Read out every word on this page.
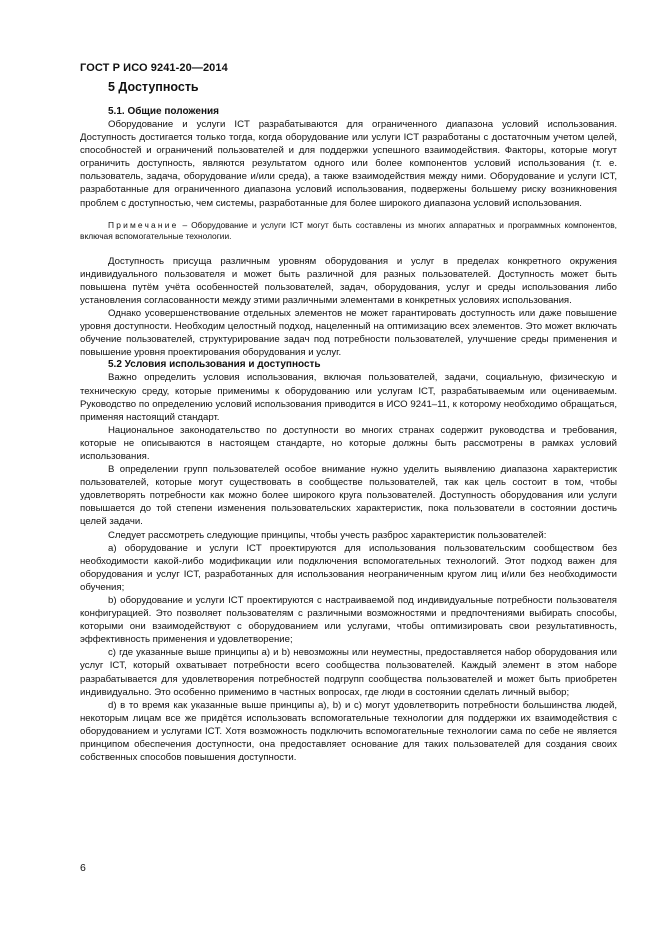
ГОСТ Р ИСО 9241-20—2014
5 Доступность
5.1. Общие положения

Оборудование и услуги ICT разрабатываются для ограниченного диапазона условий использования. Доступность достигается только тогда, когда оборудование или услуги ICT разработаны с достаточным учетом целей, способностей и ограничений пользователей и для поддержки успешного взаимодействия. Факторы, которые могут ограничить доступность, являются результатом одного или более компонентов условий использования (т. е. пользователь, задача, оборудование и/или среда), а также взаимодействия между ними. Оборудование и услуги ICT, разработанные для ограниченного диапазона условий использования, подвержены большему риску возникновения проблем с доступностью, чем системы, разработанные для более широкого диапазона условий использования.

Примечание – Оборудование и услуги ICT могут быть составлены из многих аппаратных и программных компонентов, включая вспомогательные технологии.

Доступность присуща различным уровням оборудования и услуг в пределах конкретного окружения индивидуального пользователя и может быть различной для разных пользователей. Доступность может быть повышена путём учёта особенностей пользователей, задач, оборудования, услуг и среды использования либо установления согласованности между этими различными элементами в конкретных условиях использования.

Однако усовершенствование отдельных элементов не может гарантировать доступность или даже повышение уровня доступности. Необходим целостный подход, нацеленный на оптимизацию всех элементов. Это может включать обучение пользователей, структурирование задач под потребности пользователей, улучшение среды применения и повышение уровня проектирования оборудования и услуг.

5.2 Условия использования и доступность

Важно определить условия использования, включая пользователей, задачи, социальную, физическую и техническую среду, которые применимы к оборудованию или услугам ICT, разрабатываемым или оцениваемым. Руководство по определению условий использования приводится в ИСО 9241–11, к которому необходимо обращаться, применяя настоящий стандарт.

Национальное законодательство по доступности во многих странах содержит руководства и требования, которые не описываются в настоящем стандарте, но которые должны быть рассмотрены в рамках условий использования.

В определении групп пользователей особое внимание нужно уделить выявлению диапазона характеристик пользователей, которые могут существовать в сообществе пользователей, так как цель состоит в том, чтобы удовлетворять потребности как можно более широкого круга пользователей. Доступность оборудования или услуги повышается до той степени изменения пользовательских характеристик, пока пользователи в состоянии достичь целей задачи.

Следует рассмотреть следующие принципы, чтобы учесть разброс характеристик пользователей:

а) оборудование и услуги ICT проектируются для использования пользовательским сообществом без необходимости какой-либо модификации или подключения вспомогательных технологий. Этот подход важен для оборудования и услуг ICT, разработанных для использования неограниченным кругом лиц и/или без необходимости обучения;

b) оборудование и услуги ICT проектируются с настраиваемой под индивидуальные потребности пользователя конфигурацией. Это позволяет пользователям с различными возможностями и предпочтениями выбирать способы, которыми они взаимодействуют с оборудованием или услугами, чтобы оптимизировать свои результативность, эффективность применения и удовлетворение;

c) где указанные выше принципы а) и b) невозможны или неуместны, предоставляется набор оборудования или услуг ICT, который охватывает потребности всего сообщества пользователей. Каждый элемент в этом наборе разрабатывается для удовлетворения потребностей подгрупп сообщества пользователей и может быть приобретен индивидуально. Это особенно применимо в частных вопросах, где люди в состоянии сделать личный выбор;

d) в то время как указанные выше принципы а), b) и c) могут удовлетворить потребности большинства людей, некоторым лицам все же придётся использовать вспомогательные технологии для поддержки их взаимодействия с оборудованием и услугами ICT. Хотя возможность подключить вспомогательные технологии сама по себе не является принципом обеспечения доступности, она предоставляет основание для таких пользователей для создания своих собственных способов повышения доступности.

6
